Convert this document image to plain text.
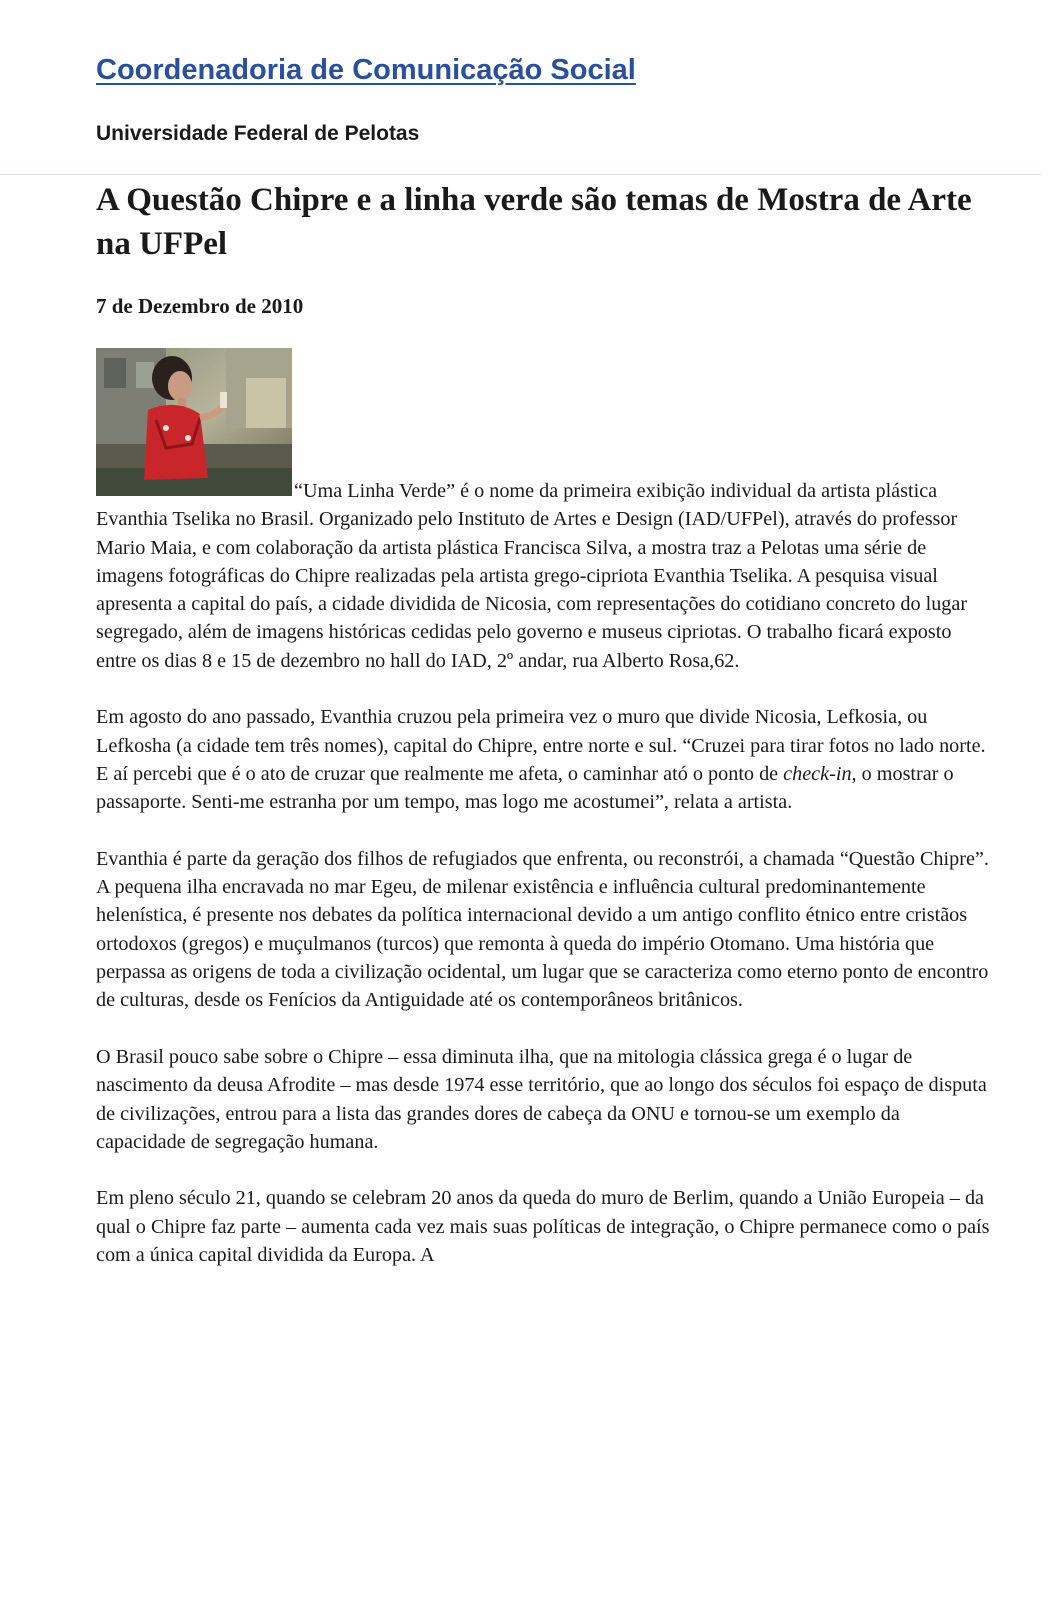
Coordenadoria de Comunicação Social
Universidade Federal de Pelotas
A Questão Chipre e a linha verde são temas de Mostra de Arte na UFPel
7 de Dezembro de 2010

“Uma Linha Verde” é o nome da primeira exibição individual da artista plástica Evanthia Tselika no Brasil. Organizado pelo Instituto de Artes e Design (IAD/UFPel), através do professor Mario Maia, e com colaboração da artista plástica Francisca Silva, a mostra traz a Pelotas uma série de imagens fotográficas do Chipre realizadas pela artista grego-cipriota Evanthia Tselika. A pesquisa visual apresenta a capital do país, a cidade dividida de Nicosia, com representações do cotidiano concreto do lugar segregado, além de imagens históricas cedidas pelo governo e museus cipriotas. O trabalho ficará exposto entre os dias 8 e 15 de dezembro no hall do IAD, 2º andar, rua Alberto Rosa,62.

Em agosto do ano passado, Evanthia cruzou pela primeira vez o muro que divide Nicosia, Lefkosia, ou Lefkosha (a cidade tem três nomes), capital do Chipre, entre norte e sul. “Cruzei para tirar fotos no lado norte. E aí percebi que é o ato de cruzar que realmente me afeta, o caminhar ató o ponto de check-in, o mostrar o passaporte. Senti-me estranha por um tempo, mas logo me acostumei”, relata a artista.

Evanthia é parte da geração dos filhos de refugiados que enfrenta, ou reconstrói, a chamada “Questão Chipre”. A pequena ilha encravada no mar Egeu, de milenar existência e influência cultural predominantemente helenística, é presente nos debates da política internacional devido a um antigo conflito étnico entre cristãos ortodoxos (gregos) e muçulmanos (turcos) que remonta à queda do império Otomano. Uma história que perpassa as origens de toda a civilização ocidental, um lugar que se caracteriza como eterno ponto de encontro de culturas, desde os Fenícios da Antiguidade até os contemporâneos britânicos.

O Brasil pouco sabe sobre o Chipre – essa diminuta ilha, que na mitologia clássica grega é o lugar de nascimento da deusa Afrodite – mas desde 1974 esse território, que ao longo dos séculos foi espaço de disputa de civilizações, entrou para a lista das grandes dores de cabeça da ONU e tornou-se um exemplo da capacidade de segregação humana.

Em pleno século 21, quando se celebram 20 anos da queda do muro de Berlim, quando a União Europeia – da qual o Chipre faz parte – aumenta cada vez mais suas políticas de integração, o Chipre permanece como o país com a única capital dividida da Europa. A
